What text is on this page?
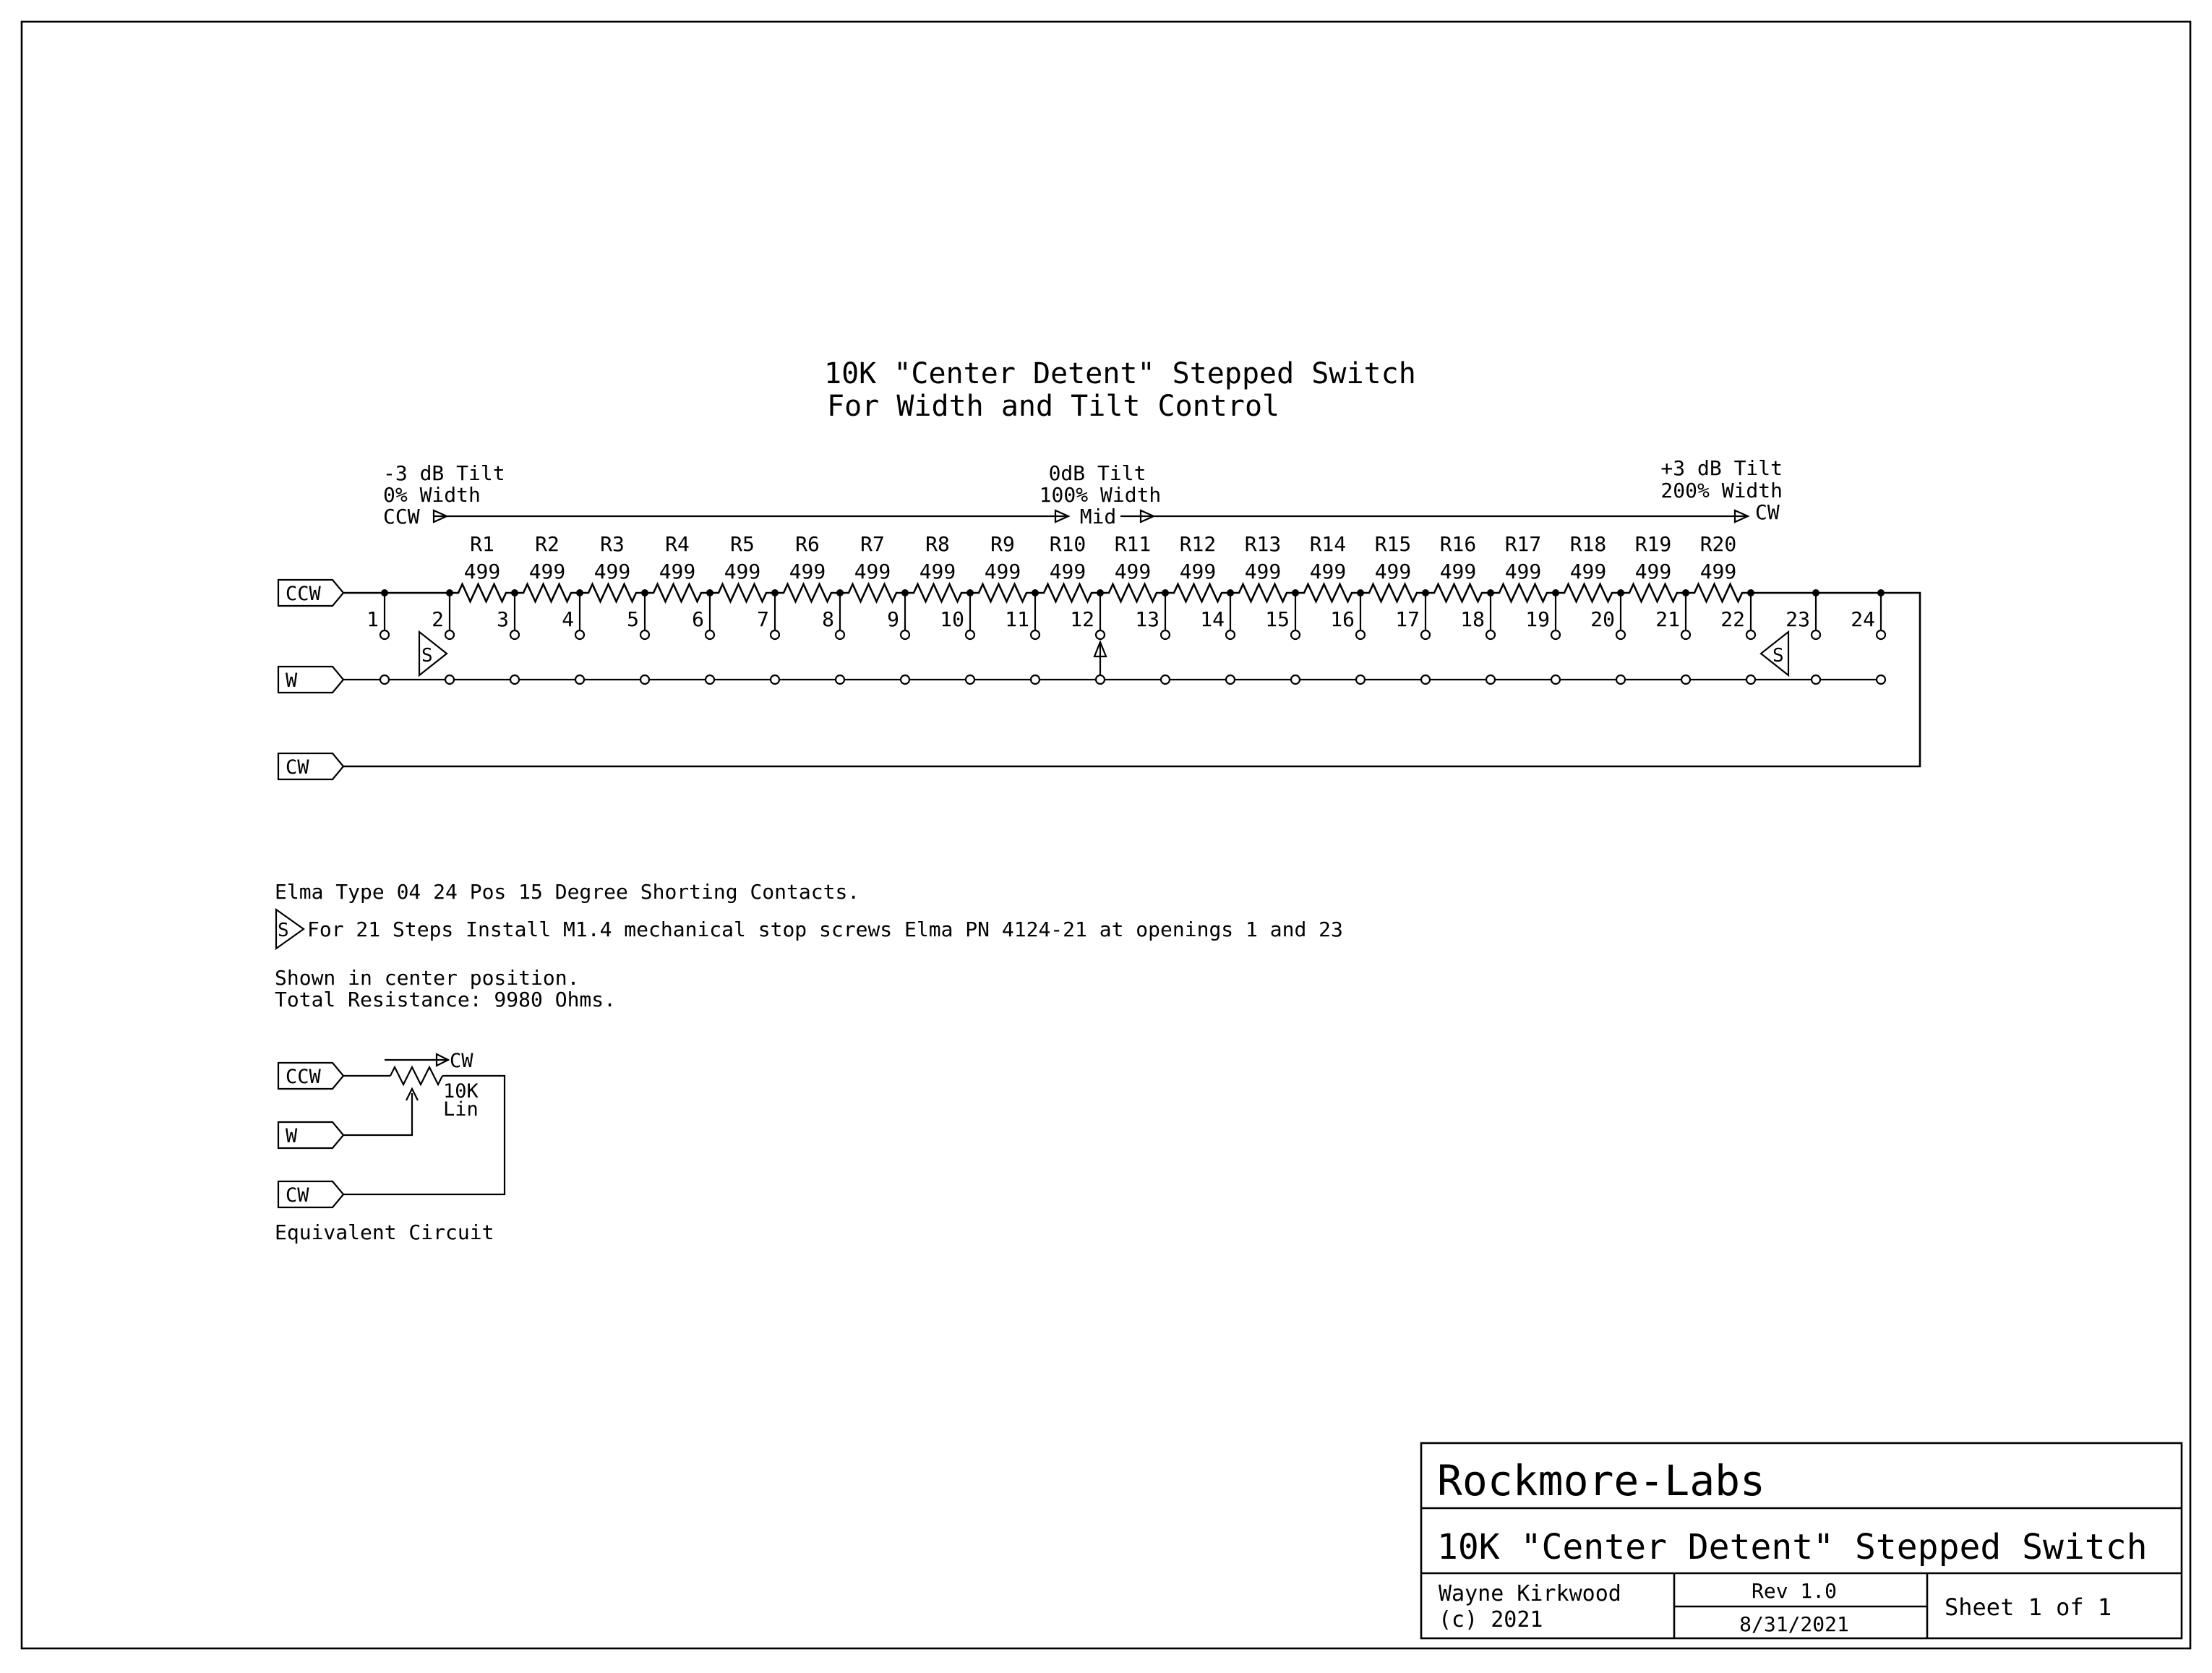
10K "Center Detent" Stepped Switch
For Width and Tilt Control
-3 dB Tilt
0% Width
CCW
0dB Tilt
100% Width
Mid
+3 dB Tilt
200% Width
CW
CCW
W
CW
R1
499
R2
499
R3
499
R4
499
R5
499
R6
499
R7
499
R8
499
R9
499
R10
499
R11
499
R12
499
R13
499
R14
499
R15
499
R16
499
R17
499
R18
499
R19
499
R20
499
1	2	3	4	5	6	7	8	9 10 11 12 13 14 15 16 17 18 19 20 21 22 23 24
S	S
Elma Type 04 24 Pos 15 Degree Shorting Contacts.
S For 21 Steps Install M1.4 mechanical stop screws Elma PN 4124-21 at openings 1 and 23
Shown in center position.
Total Resistance: 9980 Ohms.
CCW
W
CW
CW
10K
Lin
Equivalent Circuit
Rockmore-Labs
10K "Center Detent" Stepped Switch
Wayne Kirkwood
(c) 2021
Rev 1.0
8/31/2021
Sheet 1 of 1
